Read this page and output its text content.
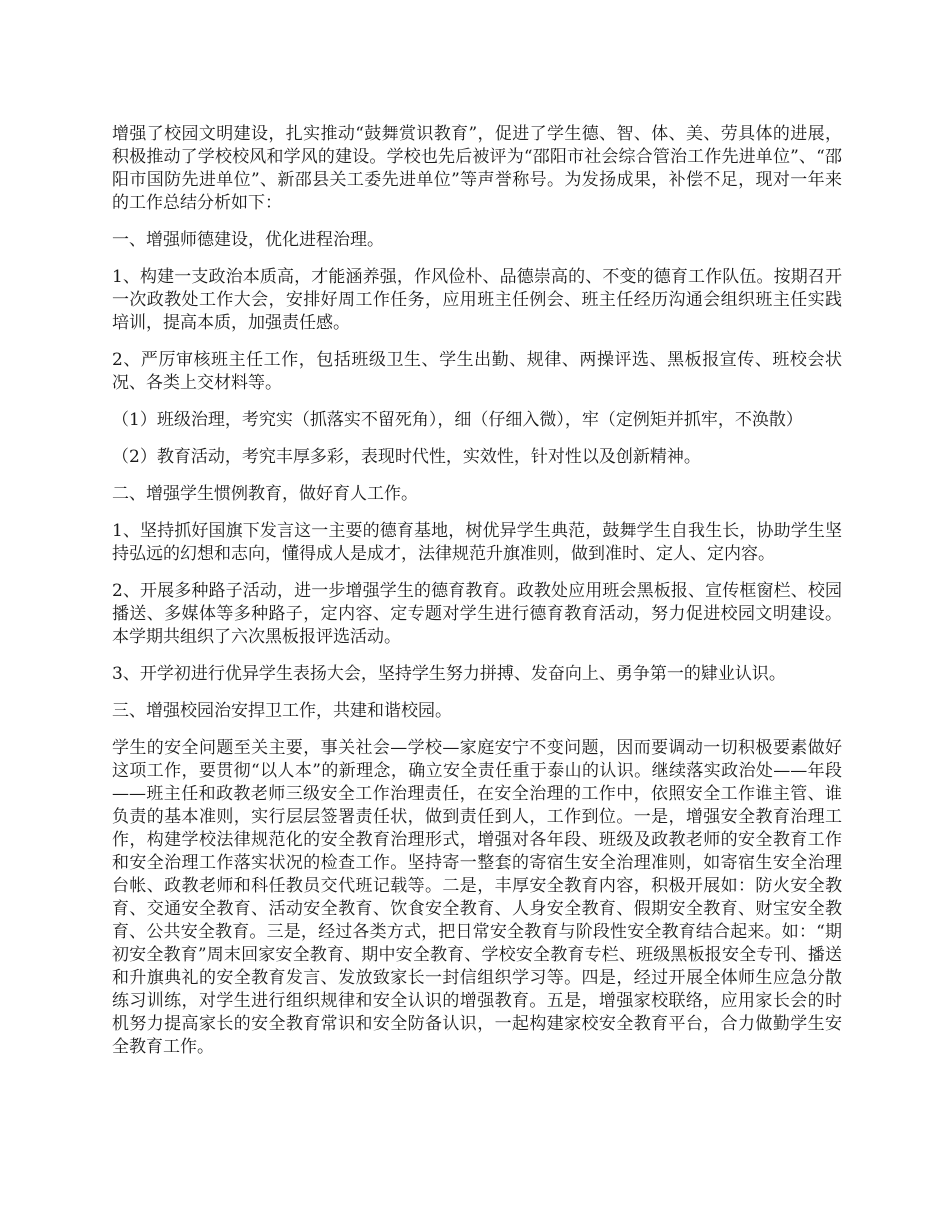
增强了校园文明建设，扎实推动“鼓舞赏识教育”，促进了学生德、智、体、美、劳具体的进展，积极推动了学校校风和学风的建设。学校也先后被评为“邵阳市社会综合管治工作先进单位”、“邵阳市国防先进单位”、新邵县关工委先进单位”等声誉称号。为发扬成果，补偿不足，现对一年来的工作总结分析如下：

一、增强师德建设，优化进程治理。

1、构建一支政治本质高，才能涵养强，作风俭朴、品德崇高的、不变的德育工作队伍。按期召开一次政教处工作大会，安排好周工作任务，应用班主任例会、班主任经历沟通会组织班主任实践培训，提高本质，加强责任感。

2、严厉审核班主任工作，包括班级卫生、学生出勤、规律、两操评选、黑板报宣传、班校会状况、各类上交材料等。

（1）班级治理，考究实（抓落实不留死角），细（仔细入微），牢（定例矩并抓牢，不涣散）

（2）教育活动，考究丰厚多彩，表现时代性，实效性，针对性以及创新精神。

二、增强学生惯例教育，做好育人工作。

1、坚持抓好国旗下发言这一主要的德育基地，树优异学生典范，鼓舞学生自我生长，协助学生坚持弘远的幻想和志向，懂得成人是成才，法律规范升旗准则，做到准时、定人、定内容。

2、开展多种路子活动，进一步增强学生的德育教育。政教处应用班会黑板报、宣传框窗栏、校园播送、多媒体等多种路子，定内容、定专题对学生进行德育教育活动，努力促进校园文明建设。本学期共组织了六次黑板报评选活动。

3、开学初进行优异学生表扬大会，坚持学生努力拼搏、发奋向上、勇争第一的肄业认识。

三、增强校园治安捍卫工作，共建和谐校园。

学生的安全问题至关主要，事关社会—学校—家庭安宁不变问题，因而要调动一切积极要素做好这项工作，要贯彻“以人本”的新理念，确立安全责任重于泰山的认识。继续落实政治处——年段——班主任和政教老师三级安全工作治理责任，在安全治理的工作中，依照安全工作谁主管、谁负责的基本准则，实行层层签署责任状，做到责任到人，工作到位。一是，增强安全教育治理工作，构建学校法律规范化的安全教育治理形式，增强对各年段、班级及政教老师的安全教育工作和安全治理工作落实状况的检查工作。坚持寄一整套的寄宿生安全治理准则，如寄宿生安全治理台帐、政教老师和科任教员交代班记载等。二是，丰厚安全教育内容，积极开展如：防火安全教育、交通安全教育、活动安全教育、饮食安全教育、人身安全教育、假期安全教育、财宝安全教育、公共安全教育。三是，经过各类方式，把日常安全教育与阶段性安全教育结合起来。如：“期初安全教育”周末回家安全教育、期中安全教育、学校安全教育专栏、班级黑板报安全专刊、播送和升旗典礼的安全教育发言、发放致家长一封信组织学习等。四是，经过开展全体师生应急分散练习训练，对学生进行组织规律和安全认识的增强教育。五是，增强家校联络，应用家长会的时机努力提高家长的安全教育常识和安全防备认识，一起构建家校安全教育平台，合力做勤学生安全教育工作。
